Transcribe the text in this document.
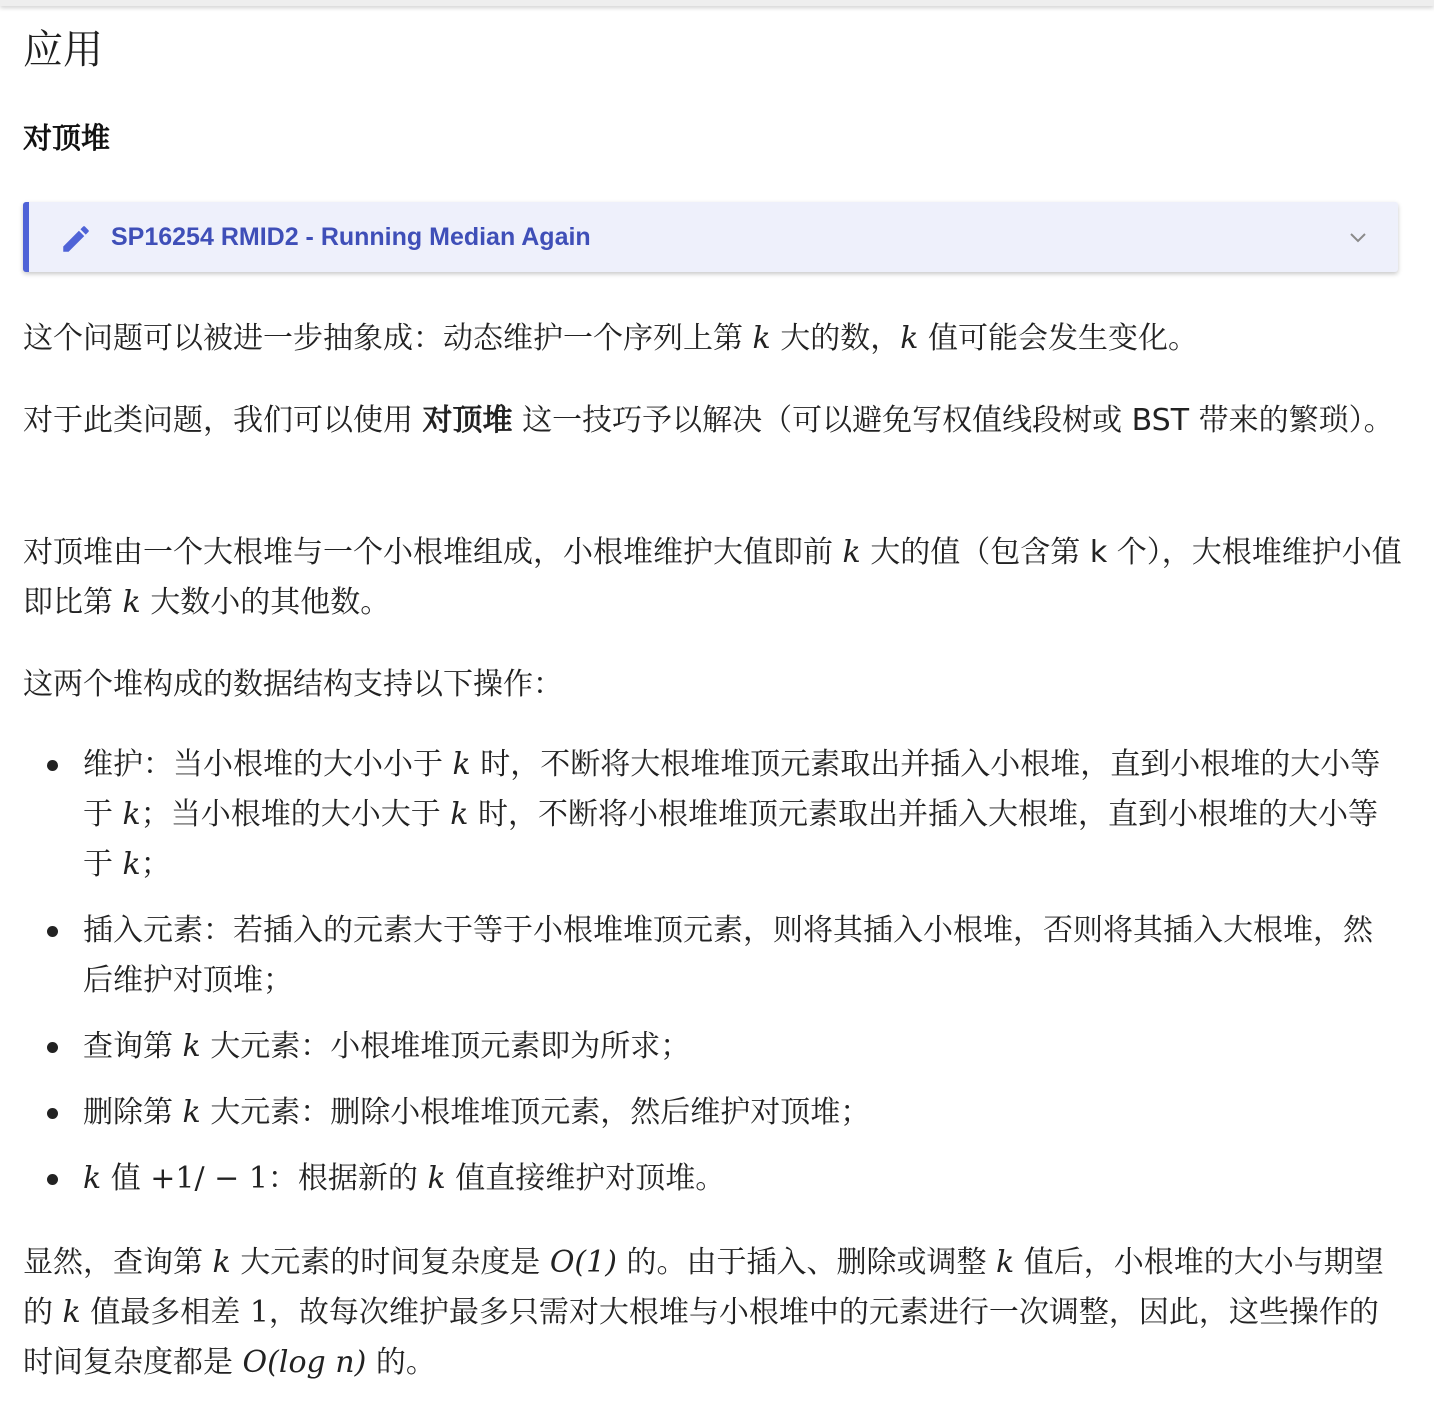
应用
对顶堆
SP16254 RMID2 - Running Median Again

这个问题可以被进一步抽象成：动态维护一个序列上第 k 大的数，k 值可能会发生变化。

对于此类问题，我们可以使用 对顶堆 这一技巧予以解决（可以避免写权值线段树或 BST 带来的繁琐）。

对顶堆由一个大根堆与一个小根堆组成，小根堆维护大值即前 k 大的值（包含第 k 个），大根堆维护小值即比第 k 大数小的其他数。

这两个堆构成的数据结构支持以下操作：

维护：当小根堆的大小小于 k 时，不断将大根堆堆顶元素取出并插入小根堆，直到小根堆的大小等于 k；当小根堆的大小大于 k 时，不断将小根堆堆顶元素取出并插入大根堆，直到小根堆的大小等于 k；
插入元素：若插入的元素大于等于小根堆堆顶元素，则将其插入小根堆，否则将其插入大根堆，然后维护对顶堆；
查询第 k 大元素：小根堆堆顶元素即为所求；
删除第 k 大元素：删除小根堆堆顶元素，然后维护对顶堆；
k 值 +1/ − 1：根据新的 k 值直接维护对顶堆。

显然，查询第 k 大元素的时间复杂度是 O(1) 的。由于插入、删除或调整 k 值后，小根堆的大小与期望的 k 值最多相差 1，故每次维护最多只需对大根堆与小根堆中的元素进行一次调整，因此，这些操作的时间复杂度都是 O(log n) 的。
